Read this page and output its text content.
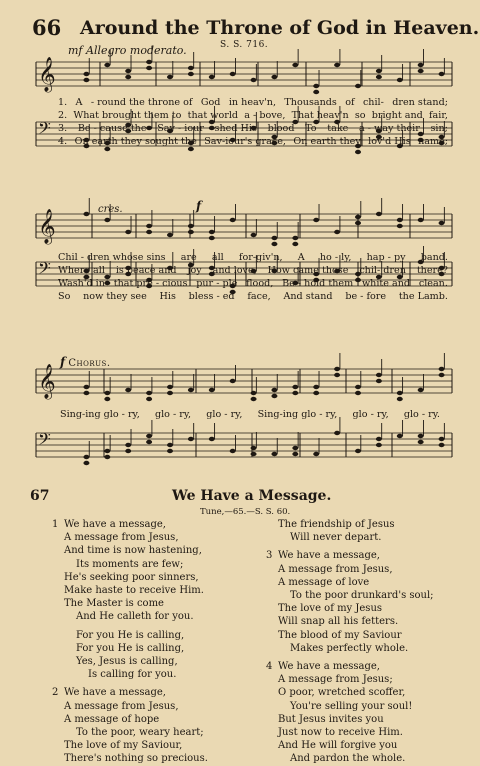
66 Around the Throne of God in Heaven.
S. S. 716.
mf Allegro moderato.
𝄞
𝄢
𝄞
𝄢
𝄞
𝄢
cres.	f
1. A - round the throne of God in heav'n, Thousands of chil- dren stand;
2. What brought them to that world a - bove, That heav'n so bright and fair,
3. Be - cause the Sav - iour shed His blood To take a - way their sin;
4. On earth they sought the Sav-iour's grace, On earth they lov'd His name;
Chil - dren whose sins are all for-giv'n, A ho - ly, hap - py band.
Where all is peace and joy and love, How came those chil- dren there?
Wash'd in that pre - cious pur - ple flood, Be - hold them white and clean.
So now they see His bless - ed face, And stand be - fore the Lamb.
f Chorus.
Sing-ing glo - ry, glo - ry, glo - ry, Sing-ing glo - ry, glo - ry, glo - ry.
67	We Have a Message.
Tune,—65.—S. S. 60.
1 We have a message,
A message from Jesus,
And time is now hastening,
Its moments are few;
He's seeking poor sinners,
Make haste to receive Him.
The Master is come
And He calleth for you.
For you He is calling,
For you He is calling,
Yes, Jesus is calling,
Is calling for you.
2 We have a message,
A message from Jesus,
A message of hope
To the poor, weary heart;
The love of my Saviour,
There's nothing so precious.
The friendship of Jesus
Will never depart.
3 We have a message,
A message from Jesus,
A message of love
To the poor drunkard's soul;
The love of my Jesus
Will snap all his fetters.
The blood of my Saviour
Makes perfectly whole.
4 We have a message,
A message from Jesus;
O poor, wretched scoffer,
You're selling your soul!
But Jesus invites you
Just now to receive Him.
And He will forgive you
And pardon the whole.
